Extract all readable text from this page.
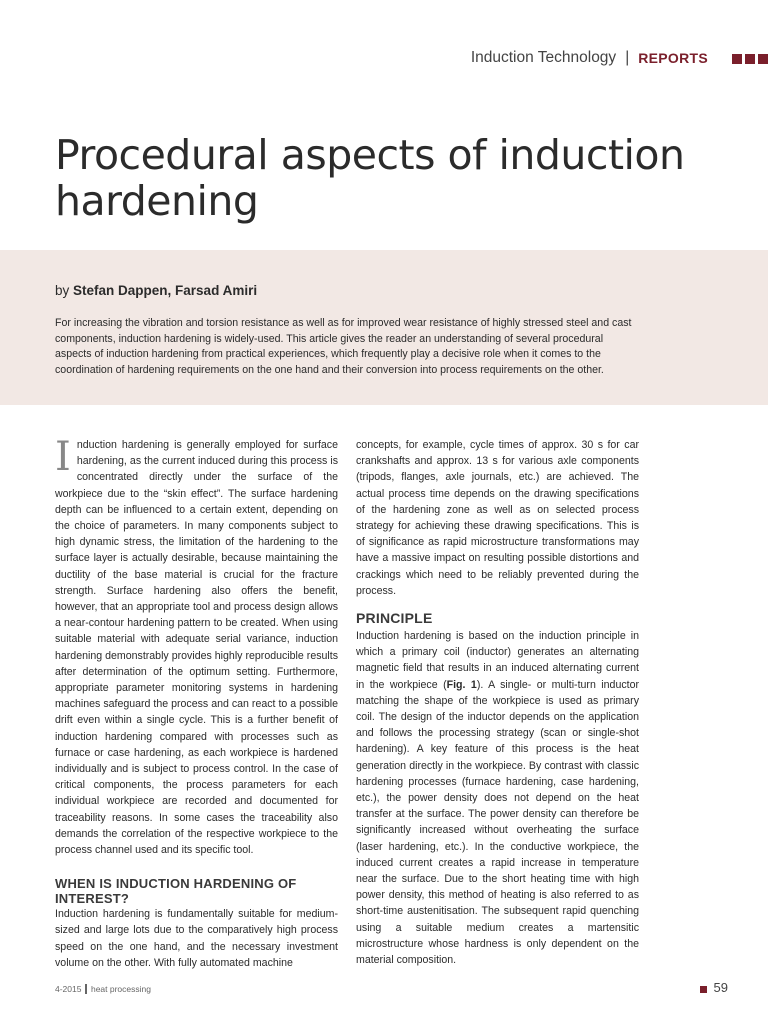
Induction Technology | REPORTS
Procedural aspects of induction hardening
by Stefan Dappen, Farsad Amiri

For increasing the vibration and torsion resistance as well as for improved wear resistance of highly stressed steel and cast components, induction hardening is widely-used. This article gives the reader an understanding of several procedural aspects of induction hardening from practical experiences, which frequently play a decisive role when it comes to the coordination of hardening requirements on the one hand and their conversion into process requirements on the other.

Induction hardening is generally employed for surface hardening, as the current induced during this process is concentrated directly under the surface of the workpiece due to the “skin effect”. The surface hardening depth can be influenced to a certain extent, depending on the choice of parameters. In many components subject to high dynamic stress, the limitation of the hardening to the surface layer is actually desirable, because maintaining the ductility of the base material is crucial for the fracture strength. Surface hardening also offers the benefit, however, that an appropriate tool and process design allows a near-contour hardening pattern to be created. When using suitable material with adequate serial variance, induction hardening demonstrably provides highly reproducible results after determination of the optimum setting. Furthermore, appropriate parameter monitoring systems in hardening machines safeguard the process and can react to a possible drift even within a single cycle. This is a further benefit of induction hardening compared with processes such as furnace or case hardening, as each workpiece is hardened individually and is subject to process control. In the case of critical components, the process parameters for each individual workpiece are recorded and documented for traceability reasons. In some cases the traceability also demands the correlation of the respective workpiece to the process channel used and its specific tool.

WHEN IS INDUCTION HARDENING OF INTEREST?

Induction hardening is fundamentally suitable for medium-sized and large lots due to the comparatively high process speed on the one hand, and the necessary investment volume on the other. With fully automated machine

concepts, for example, cycle times of approx. 30 s for car crankshafts and approx. 13 s for various axle components (tripods, flanges, axle journals, etc.) are achieved. The actual process time depends on the drawing specifications of the hardening zone as well as on selected process strategy for achieving these drawing specifications. This is of significance as rapid microstructure transformations may have a massive impact on resulting possible distortions and crackings which need to be reliably prevented during the process.

PRINCIPLE

Induction hardening is based on the induction principle in which a primary coil (inductor) generates an alternating magnetic field that results in an induced alternating current in the workpiece (Fig. 1). A single- or multi-turn inductor matching the shape of the workpiece is used as primary coil. The design of the inductor depends on the application and follows the processing strategy (scan or single-shot hardening). A key feature of this process is the heat generation directly in the workpiece. By contrast with classic hardening processes (furnace hardening, case hardening, etc.), the power density does not depend on the heat transfer at the surface. The power density can therefore be significantly increased without overheating the surface (laser hardening, etc.). In the conductive workpiece, the induced current creates a rapid increase in temperature near the surface. Due to the short heating time with high power density, this method of heating is also referred to as short-time austenitisation. The subsequent rapid quenching using a suitable medium creates a martensitic microstructure whose hardness is only dependent on the material composition.

4-2015 heat processing	59
